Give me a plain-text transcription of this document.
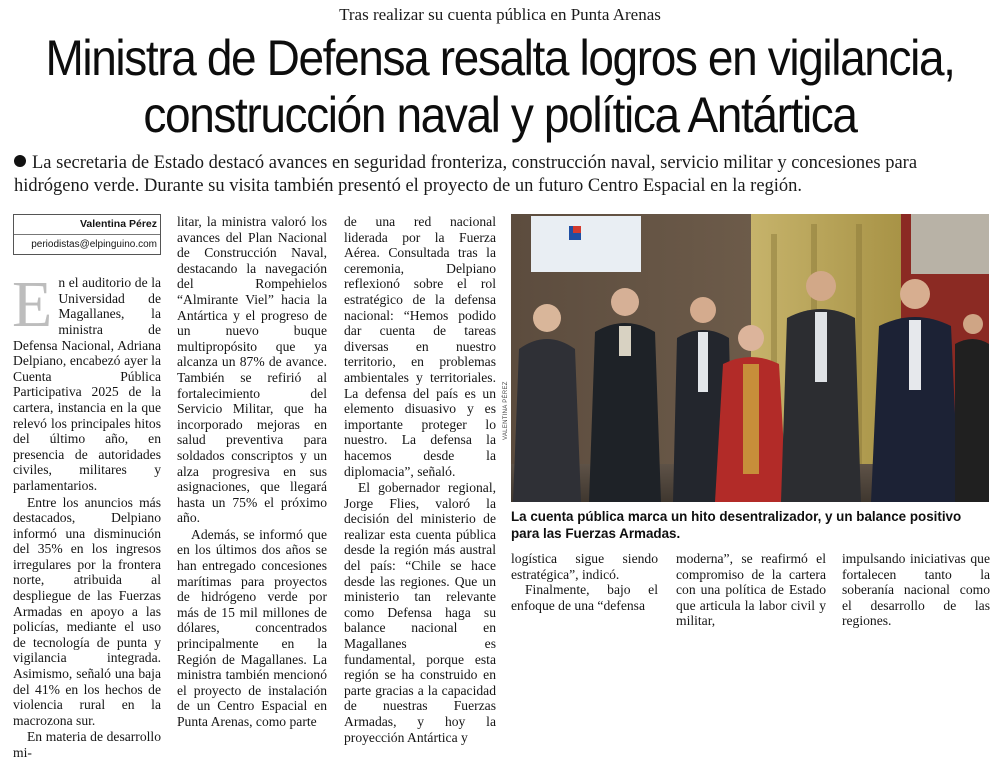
Tras realizar su cuenta pública en Punta Arenas
Ministra de Defensa resalta logros en vigilancia,
construcción naval y política Antártica
La secretaria de Estado destacó avances en seguridad fronteriza, construcción naval, servicio militar y concesiones para hidrógeno verde. Durante su visita también presentó el proyecto de un futuro Centro Espacial en la región.
Valentina Pérez
periodistas@elpinguino.com

En el auditorio de la Universidad de Magallanes, la ministra de Defensa Nacional, Adriana Delpiano, encabezó ayer la Cuenta Pública Participativa 2025 de la cartera, instancia en la que relevó los principales hitos del último año, en presencia de autoridades civiles, militares y parlamentarios.

Entre los anuncios más destacados, Delpiano informó una disminución del 35% en los ingresos irregulares por la frontera norte, atribuida al despliegue de las Fuerzas Armadas en apoyo a las policías, mediante el uso de tecnología de punta y vigilancia integrada. Asimismo, señaló una baja del 41% en los hechos de violencia rural en la macrozona sur.

En materia de desarrollo mi-

litar, la ministra valoró los avances del Plan Nacional de Construcción Naval, destacando la navegación del Rompehielos “Almirante Viel” hacia la Antártica y el progreso de un nuevo buque multipropósito que ya alcanza un 87% de avance. También se refirió al fortalecimiento del Servicio Militar, que ha incorporado mejoras en salud preventiva para soldados conscriptos y un alza progresiva en sus asignaciones, que llegará hasta un 75% el próximo año.

Además, se informó que en los últimos dos años se han entregado concesiones marítimas para proyectos de hidrógeno verde por más de 15 mil millones de dólares, concentrados principalmente en la Región de Magallanes. La ministra también mencionó el proyecto de instalación de un Centro Espacial en Punta Arenas, como parte

de una red nacional liderada por la Fuerza Aérea. Consultada tras la ceremonia, Delpiano reflexionó sobre el rol estratégico de la defensa nacional: “Hemos podido dar cuenta de tareas diversas en nuestro territorio, en problemas ambientales y territoriales. La defensa del país es un elemento disuasivo y es importante proteger lo nuestro. La defensa la hacemos desde la diplomacia”, señaló.

El gobernador regional, Jorge Flies, valoró la decisión del ministerio de realizar esta cuenta pública desde la región más austral del país: “Chile se hace desde las regiones. Que un ministerio tan relevante como Defensa haga su balance nacional en Magallanes es fundamental, porque esta región se ha construido en parte gracias a la capacidad de nuestras Fuerzas Armadas, y hoy la proyección Antártica y

VALENTINA PÉREZ
La cuenta pública marca un hito desentralizador, y un balance positivo para las Fuerzas Armadas.
logística sigue siendo estratégica”, indicó.
Finalmente, bajo el enfoque de una “defensa
moderna”, se reafirmó el compromiso de la cartera con una política de Estado que articula la labor civil y militar,
impulsando iniciativas que fortalecen tanto la soberanía nacional como el desarrollo de las regiones.
